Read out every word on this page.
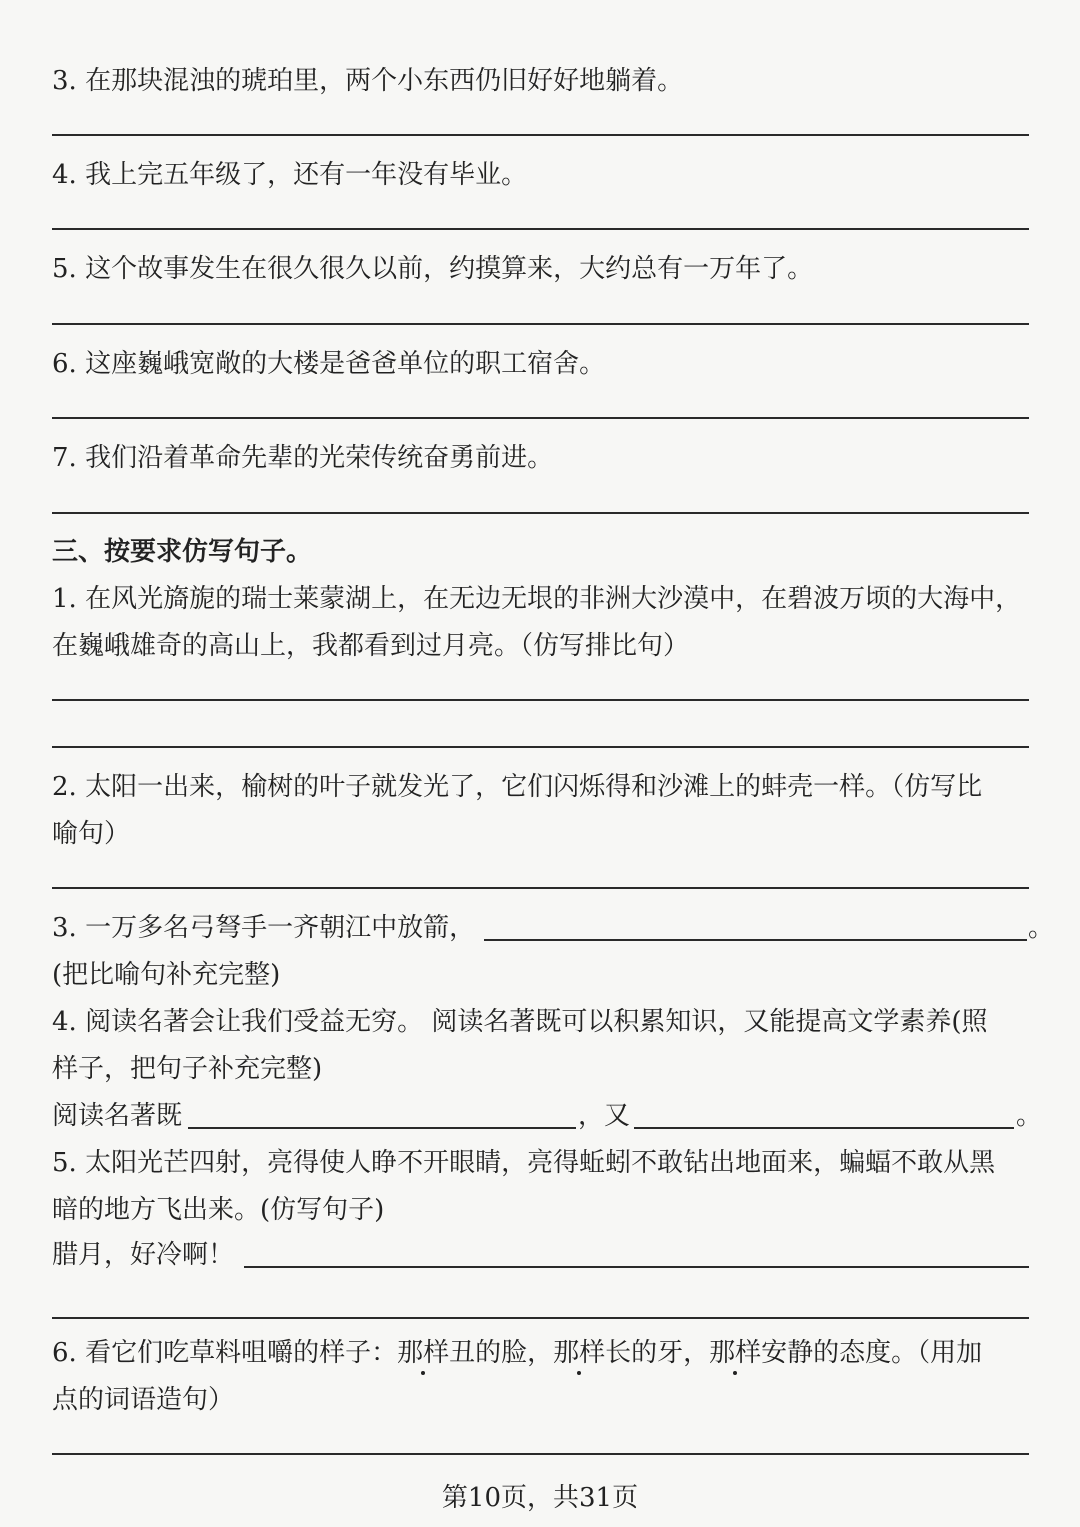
3. 在那块混浊的琥珀里，两个小东西仍旧好好地躺着。
4. 我上完五年级了，还有一年没有毕业。
5. 这个故事发生在很久很久以前，约摸算来，大约总有一万年了。
6. 这座巍峨宽敞的大楼是爸爸单位的职工宿舍。
7. 我们沿着革命先辈的光荣传统奋勇前进。
三、按要求仿写句子。
1. 在风光旖旎的瑞士莱蒙湖上，在无边无垠的非洲大沙漠中，在碧波万顷的大海中，
在巍峨雄奇的高山上，我都看到过月亮。（仿写排比句）
2. 太阳一出来，榆树的叶子就发光了，它们闪烁得和沙滩上的蚌壳一样。（仿写比
喻句）
3. 一万多名弓弩手一齐朝江中放箭，	。
(把比喻句补充完整)
4. 阅读名著会让我们受益无穷。 阅读名著既可以积累知识，又能提高文学素养(照
样子，把句子补充完整)
阅读名著既	，又	。
5. 太阳光芒四射，亮得使人睁不开眼睛，亮得蚯蚓不敢钻出地面来，蝙蝠不敢从黑
暗的地方飞出来。(仿写句子)
腊月，好冷啊！
6. 看它们吃草料咀嚼的样子：那样丑的脸，那样长的牙，那样安静的态度。（用加
点的词语造句）
第10页，共31页
